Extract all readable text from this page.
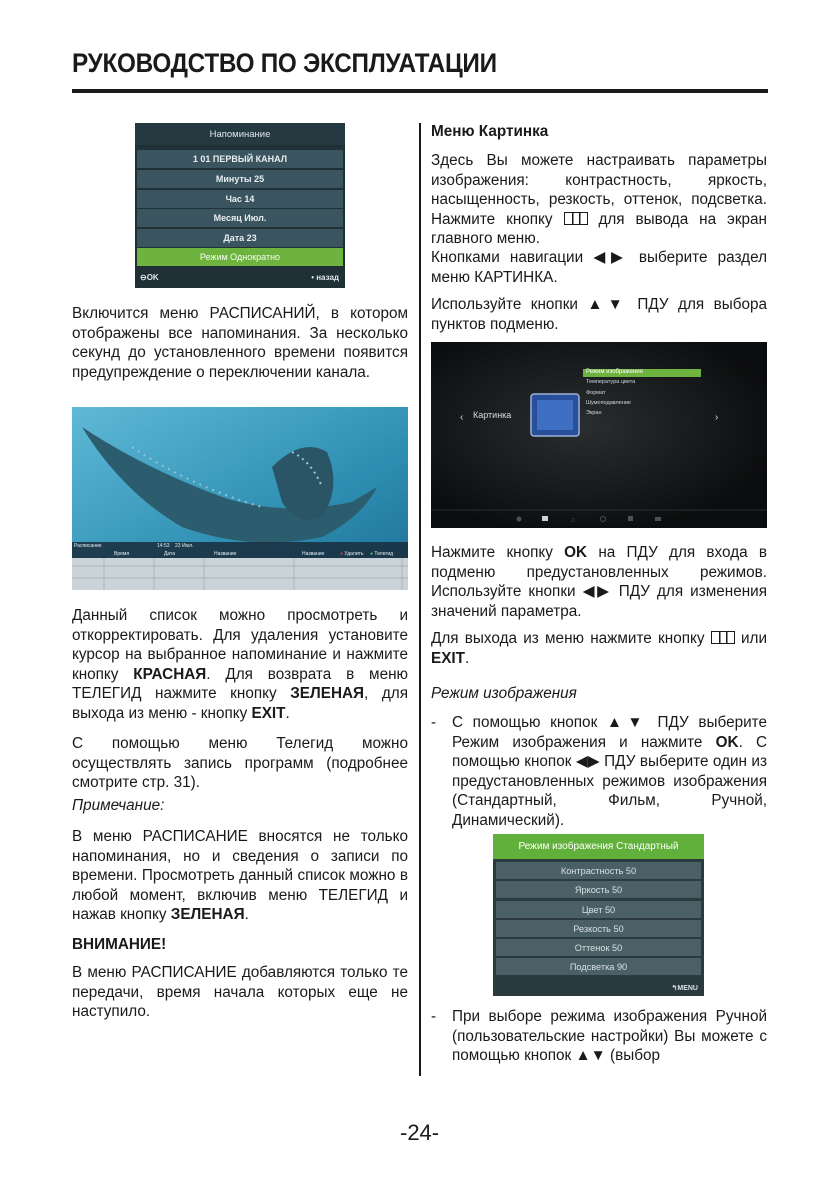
РУКОВОДСТВО ПО ЭКСПЛУАТАЦИИ
Напоминание
1 01 ПЕРВЫЙ КАНАЛ
Минуты 25
Час 14
Месяц Июл.
Дата 23
Режим Однократно
⊖OK	• назад

Включится меню РАСПИСАНИЙ, в котором отображены все напоминания. За несколько секунд до установленного времени появится предупреждение о переключении канала.

Расписание	14:53 23 Июл.
Время	Дата	Название	Название	● Удалить ● Телегид

Данный список можно просмотреть и откорректировать. Для удаления установите курсор на выбранное напоминание и нажмите кнопку КРАСНАЯ. Для возврата в меню ТЕЛЕГИД нажмите кнопку ЗЕЛЕНАЯ, для выхода из меню - кнопку EXIT.

С помощью меню Телегид можно осуществлять запись программ (подробнее смотрите стр. 31).

Примечание:

В меню РАСПИСАНИЕ вносятся не только напоминания, но и сведения о записи по времени. Просмотреть данный список можно в любой момент, включив меню ТЕЛЕГИД и нажав кнопку ЗЕЛЕНАЯ.

ВНИМАНИЕ!

В меню РАСПИСАНИЕ добавляются только те передачи, время начала которых еще не наступило.

Меню Картинка

Здесь Вы можете настраивать параметры изображения: контрастность, яркость, насыщенность, резкость, оттенок, подсветка. Нажмите кнопку  для вывода на экран главного меню.

Кнопками навигации ◀▶ выберите раздел меню КАРТИНКА.

Используйте кнопки ▲▼ ПДУ для выбора пунктов подменю.

‹	›
♫
Картинка
Режим изображения
Температура цвета
Формат
Шумоподавление
Экран

Нажмите кнопку OK на ПДУ для входа в подменю предустановленных режимов. Используйте кнопки ◀▶ ПДУ для изменения значений параметра.

Для выхода из меню нажмите кнопку  или EXIT.

Режим изображения

- С помощью кнопок ▲▼ ПДУ выберите Режим изображения и нажмите OK. С помощью кнопок ◀▶ ПДУ выберите один из предустановленных режимов изображения (Стандартный, Фильм, Ручной, Динамический).

Режим изображения Стандартный
Контрастность 50
Яркость 50
Цвет 50
Резкость 50
Оттенок 50
Подсветка 90
↰MENU
- При выборе режима изображения Ручной (пользовательские настройки) Вы можете с помощью кнопок ▲▼ (выбор

-24-
